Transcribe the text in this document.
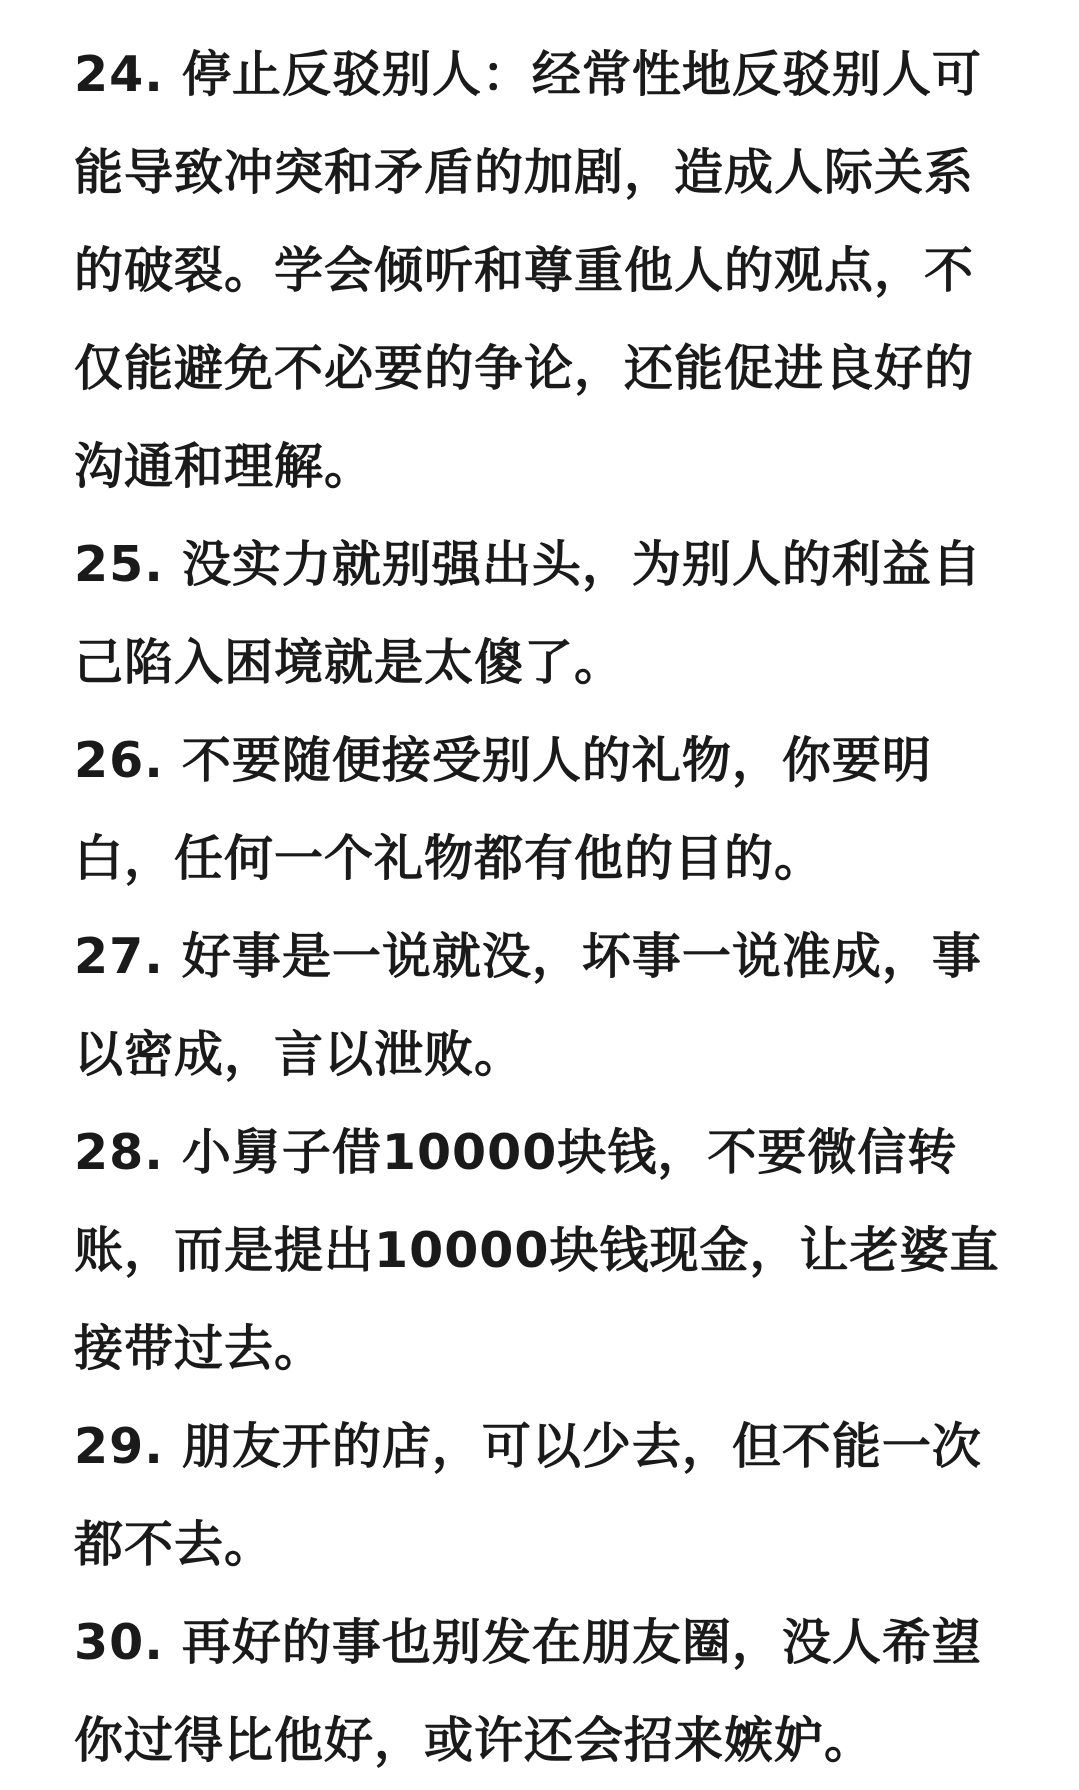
24. 停止反驳别人：经常性地反驳别人可能导致冲突和矛盾的加剧，造成人际关系的破裂。学会倾听和尊重他人的观点，不仅能避免不必要的争论，还能促进良好的沟通和理解。

25. 没实力就别强出头，为别人的利益自己陷入困境就是太傻了。

26. 不要随便接受别人的礼物，你要明白，任何一个礼物都有他的目的。

27. 好事是一说就没，坏事一说准成，事以密成，言以泄败。

28. 小舅子借10000块钱，不要微信转账，而是提出10000块钱现金，让老婆直接带过去。

29. 朋友开的店，可以少去，但不能一次都不去。

30. 再好的事也别发在朋友圈，没人希望你过得比他好，或许还会招来嫉妒。
